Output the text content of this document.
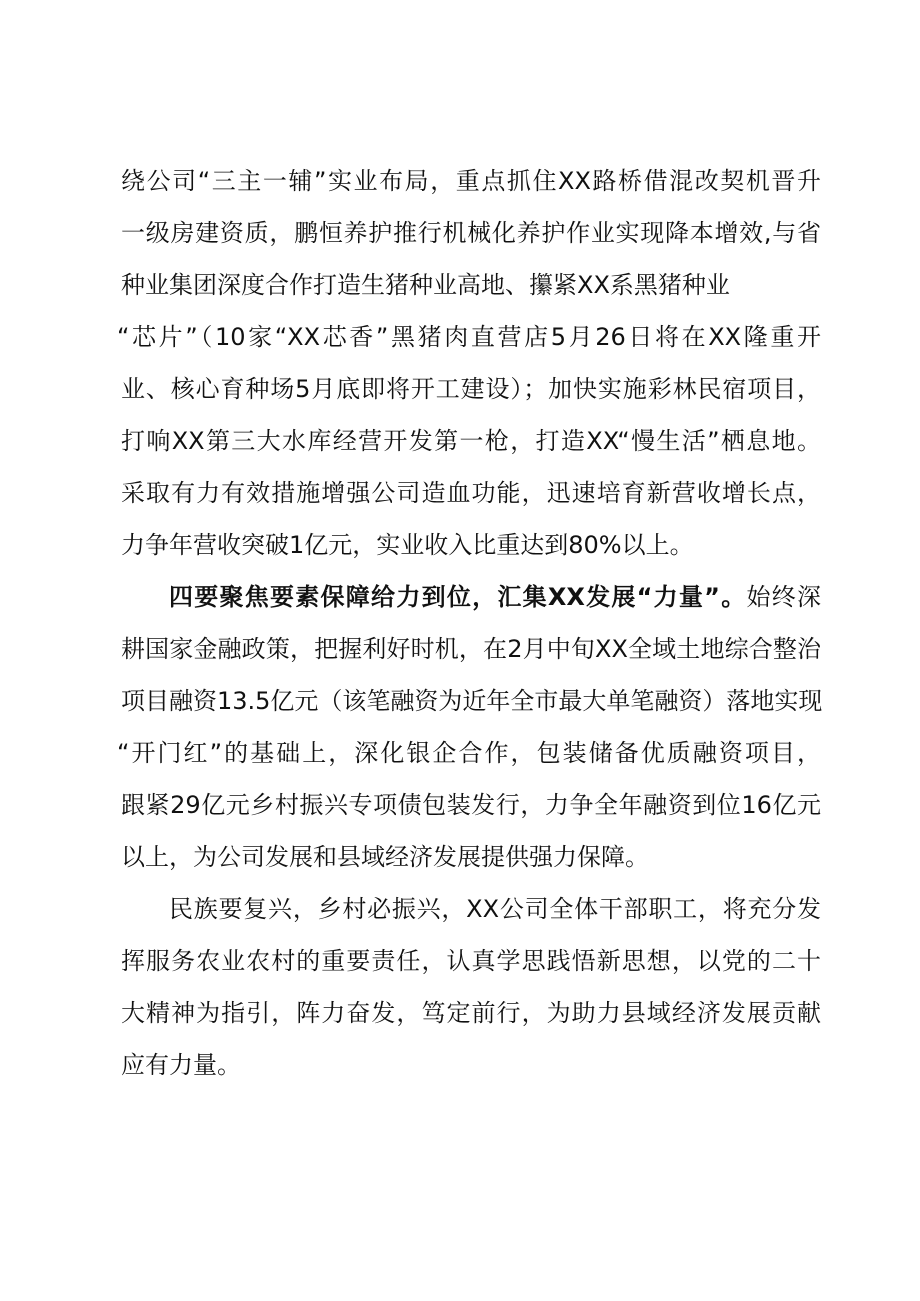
绕公司“三主一辅”实业布局，重点抓住XX路桥借混改契机晋升
一级房建资质，鹏恒养护推行机械化养护作业实现降本增效,与省
种业集团深度合作打造生猪种业高地、攥紧XX系黑猪种业
“芯片”（10家“XX芯香”黑猪肉直营店5月26日将在XX隆重开
业、核心育种场5月底即将开工建设）；加快实施彩林民宿项目，
打响XX第三大水库经营开发第一枪，打造XX“慢生活”栖息地。
采取有力有效措施增强公司造血功能，迅速培育新营收增长点，
力争年营收突破1亿元，实业收入比重达到80%以上。
四要聚焦要素保障给力到位，汇集XX发展“力量”。始终深
耕国家金融政策，把握利好时机，在2月中旬XX全域土地综合整治
项目融资13.5亿元（该笔融资为近年全市最大单笔融资）落地实现
“开门红”的基础上，深化银企合作，包装储备优质融资项目，
跟紧29亿元乡村振兴专项债包装发行，力争全年融资到位16亿元
以上，为公司发展和县域经济发展提供强力保障。
民族要复兴，乡村必振兴，XX公司全体干部职工，将充分发
挥服务农业农村的重要责任，认真学思践悟新思想，以党的二十
大精神为指引，阵力奋发，笃定前行，为助力县域经济发展贡献
应有力量。
